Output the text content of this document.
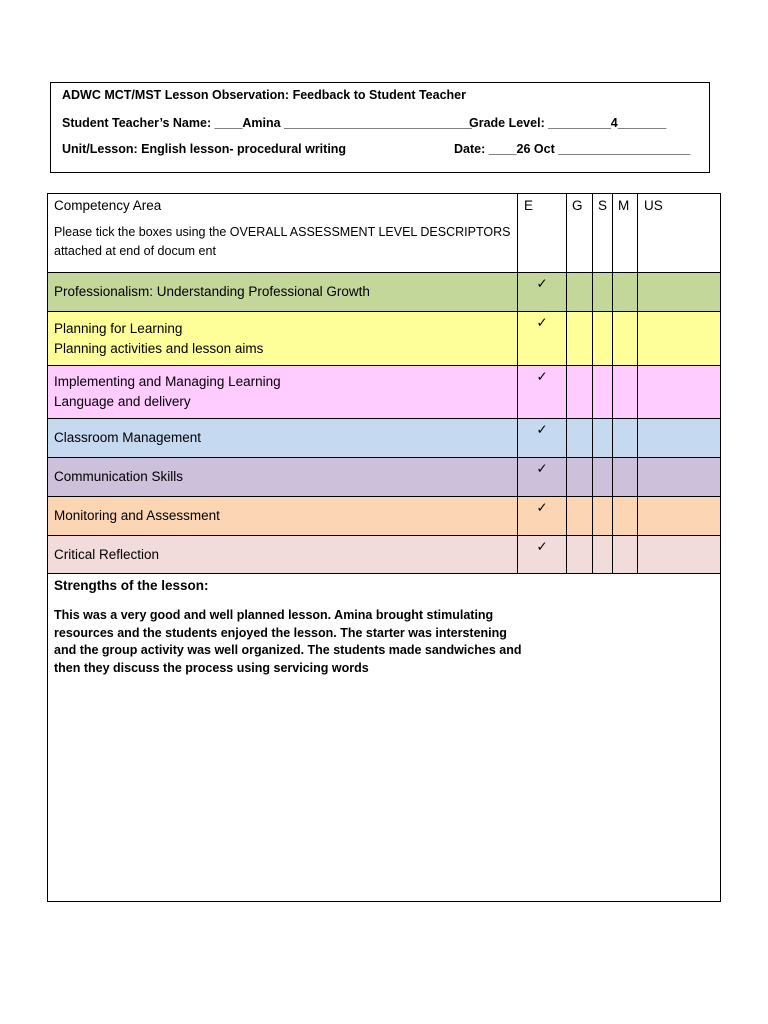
ADWC MCT/MST Lesson Observation: Feedback to Student Teacher
Student Teacher’s Name: ____Amina ___________________________
Grade Level: _________4_______
Unit/Lesson: English lesson- procedural writing	Date: ____26 Oct ___________________
Competency Area
Please tick the boxes using the OVERALL ASSESSMENT LEVEL DESCRIPTORS attached at end of docum ent	E	G	S	M	US

Professionalism: Understanding Professional Growth	✓				

Planning for Learning
Planning activities and lesson aims	✓				

Implementing and Managing Learning
Language and delivery	✓				

Classroom Management	✓				

Communication Skills	✓				

Monitoring and Assessment	✓				

Critical Reflection	✓				

Strengths of the lesson:
This was a very good and well planned lesson. Amina brought stimulating resources and the students enjoyed the lesson. The starter was interstening and the group activity was well organized. The students made sandwiches and then they discuss the process using servicing words					
